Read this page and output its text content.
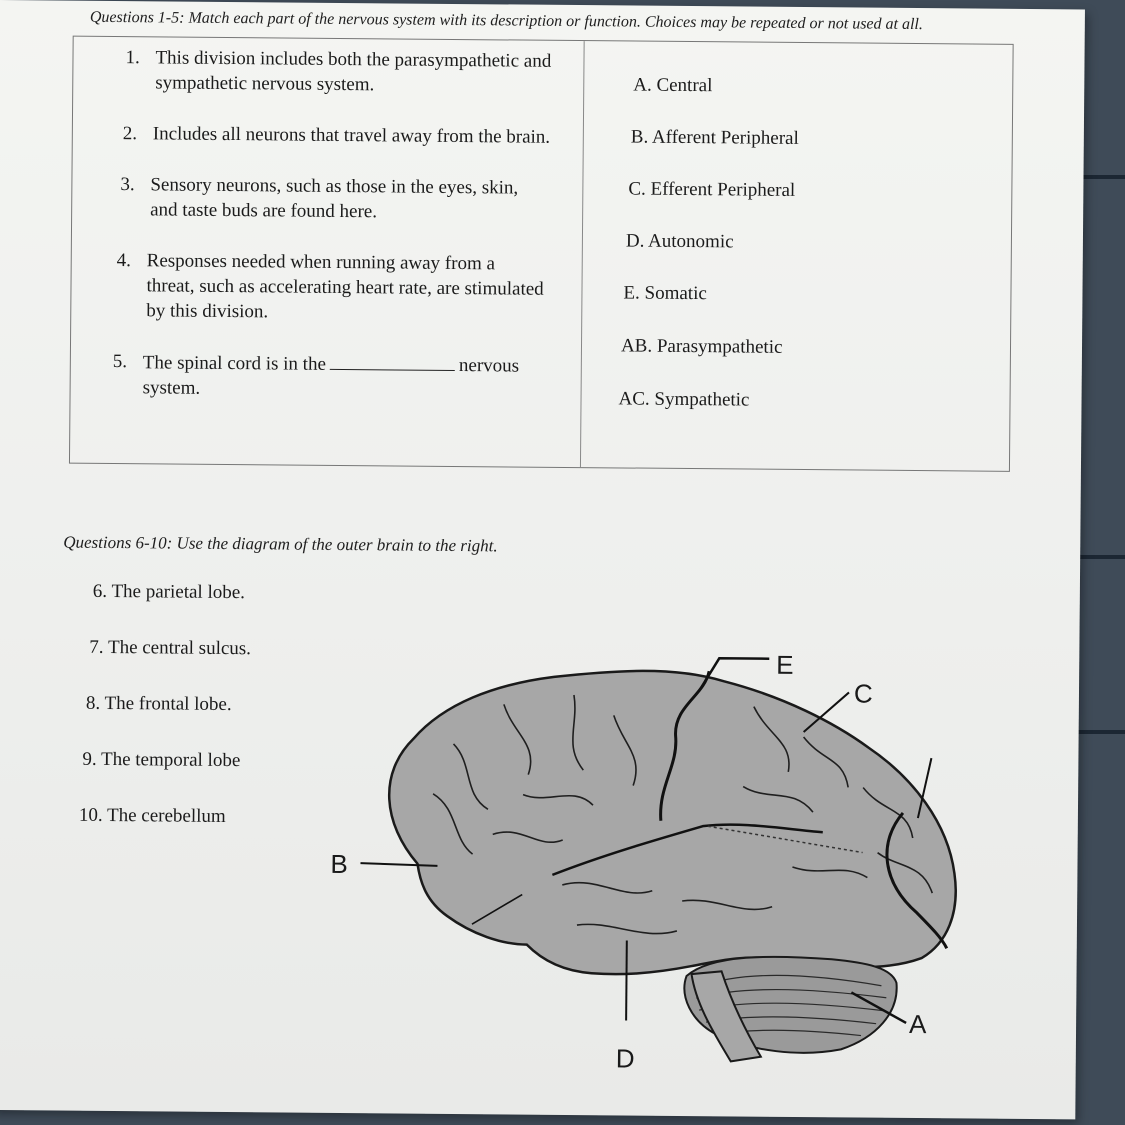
Questions 1-5: Match each part of the nervous system with its description or function. Choices may be repeated or not used at all.

1. This division includes both the parasympathetic and
sympathetic nervous system.
2. Includes all neurons that travel away from the brain.
3. Sensory neurons, such as those in the eyes, skin,
and taste buds are found here.
4. Responses needed when running away from a
threat, such as accelerating heart rate, are stimulated
by this division.
5. The spinal cord is in the	nervous
system.
A. Central
B. Afferent Peripheral
C. Efferent Peripheral
D. Autonomic
E. Somatic
AB. Parasympathetic
AC. Sympathetic

Questions 6-10: Use the diagram of the outer brain to the right.

6. The parietal lobe.
7. The central sulcus.
8. The frontal lobe.
9. The temporal lobe
10. The cerebellum
E
C
B
D
A
